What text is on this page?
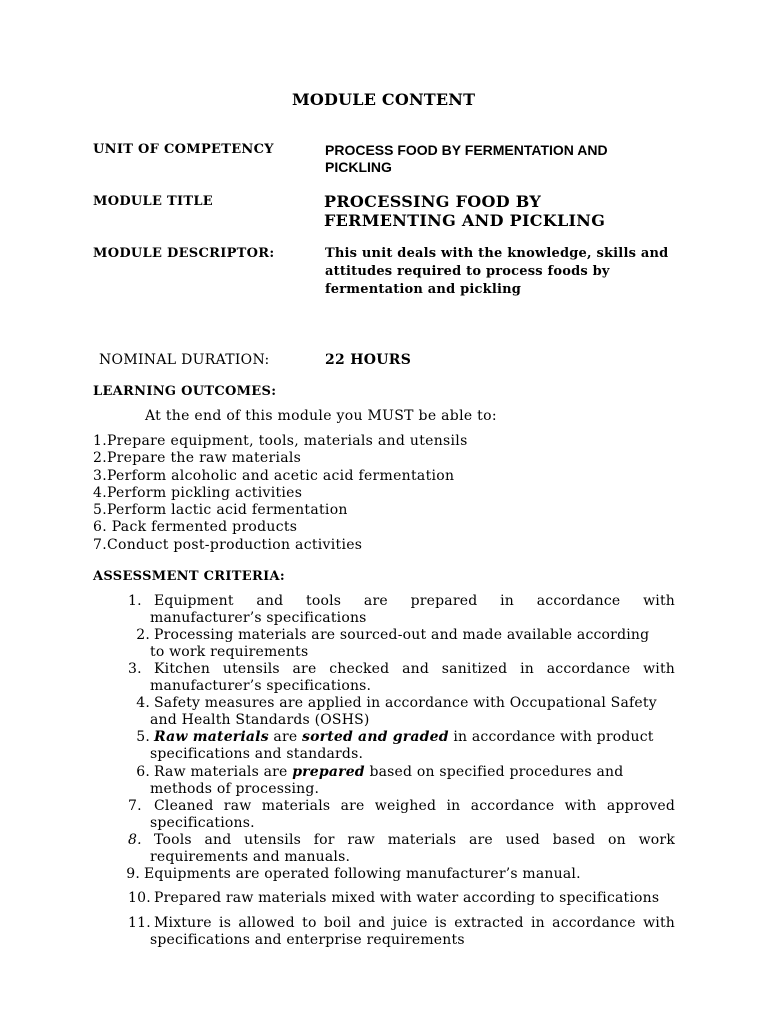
MODULE CONTENT
UNIT OF COMPETENCY	PROCESS FOOD BY FERMENTATION AND PICKLING
MODULE TITLE	PROCESSING FOOD BY
FERMENTING AND PICKLING
MODULE DESCRIPTOR:	This unit deals with the knowledge, skills and attitudes required to process foods by fermentation and pickling
NOMINAL DURATION:	22 HOURS
LEARNING OUTCOMES:
At the end of this module you MUST be able to:
1.Prepare equipment, tools, materials and utensils
2.Prepare the raw materials
3.Perform alcoholic and acetic acid fermentation
4.Perform pickling activities
5.Perform lactic acid fermentation
6. Pack fermented products
7.Conduct post-production activities
ASSESSMENT CRITERIA:
1. Equipment and tools are prepared in accordance with
manufacturer’s specifications
2. Processing materials are sourced-out and made available according
to work requirements
3. Kitchen utensils are checked and sanitized in accordance with
manufacturer’s specifications.
4. Safety measures are applied in accordance with Occupational Safety
and Health Standards (OSHS)
5. Raw materials are sorted and graded in accordance with product
specifications and standards.
6. Raw materials are prepared based on specified procedures and
methods of processing.
7. Cleaned raw materials are weighed in accordance with approved
specifications.
8. Tools and utensils for raw materials are used based on work
requirements and manuals.
9. Equipments are operated following manufacturer’s manual.
10. Prepared raw materials mixed with water according to specifications
11. Mixture is allowed to boil and juice is extracted in accordance with
specifications and enterprise requirements
